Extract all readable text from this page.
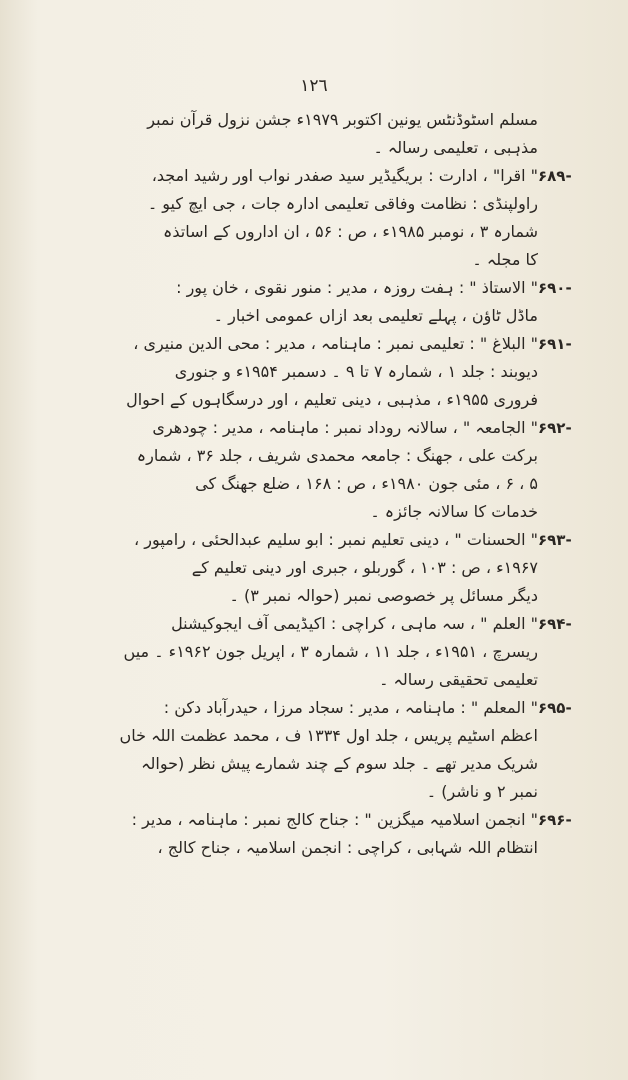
١٢٦
مسلم اسٹوڈنٹس یونین اکتوبر ۱۹۷۹ء جشن نزول قرآن نمبر
مذہبی ، تعلیمی رسالہ ۔
-۶۸۹" اقرا" ، ادارت : بریگیڈیر سید صفدر نواب اور رشید امجد،
راولپنڈی : نظامت وفاقی تعلیمی ادارہ جات ، جی ایچ کیو ۔
شمارہ ۳ ، نومبر ۱۹۸۵ء ، ص : ۵۶ ، ان اداروں کے اساتذہ
کا مجلہ ۔
-۶۹۰" الاستاذ " : ہفت روزہ ، مدیر : منور نقوی ، خان پور :
ماڈل ٹاؤن ، پہلے تعلیمی بعد ازاں عمومی اخبار ۔
-۶۹۱" البلاغ " : تعلیمی نمبر : ماہنامہ ، مدیر : محی الدین منیری ،
دیوبند : جلد ۱ ، شمارہ ۷ تا ۹ ۔ دسمبر ۱۹۵۴ء و جنوری
فروری ۱۹۵۵ء ، مذہبی ، دینی تعلیم ، اور درسگاہوں کے احوال
-۶۹۲" الجامعہ " ، سالانہ روداد نمبر : ماہنامہ ، مدیر : چودھری
برکت علی ، جھنگ : جامعہ محمدی شریف ، جلد ۳۶ ، شمارہ
۵ ، ۶ ، مئی جون ۱۹۸۰ء ، ص : ۱۶۸ ، ضلع جھنگ کی
خدمات کا سالانہ جائزہ ۔
-۶۹۳" الحسنات " ، دینی تعلیم نمبر : ابو سلیم عبدالحئی ، رامپور ،
۱۹۶۷ء ، ص : ۱۰۳ ، گوربلو ، جبری اور دینی تعلیم کے
دیگر مسائل پر خصوصی نمبر (حوالہ نمبر ۳) ۔
-۶۹۴" العلم " ، سہ ماہی ، کراچی : اکیڈیمی آف ایجوکیشنل
ریسرچ ، ۱۹۵۱ء ، جلد ۱۱ ، شمارہ ۳ ، اپریل جون ۱۹۶۲ء ۔ میں
تعلیمی تحقیقی رسالہ ۔
-۶۹۵" المعلم " : ماہنامہ ، مدیر : سجاد مرزا ، حیدرآباد دکن :
اعظم اسٹیم پریس ، جلد اول ۱۳۳۴ ف ، محمد عظمت اللہ خاں
شریک مدیر تھے ۔ جلد سوم کے چند شمارے پیش نظر (حوالہ
نمبر ۲ و ناشر) ۔
-۶۹۶" انجمن اسلامیہ میگزین " : جناح کالج نمبر : ماہنامہ ، مدیر :
انتظام اللہ شہابی ، کراچی : انجمن اسلامیہ ، جناح کالج ،
